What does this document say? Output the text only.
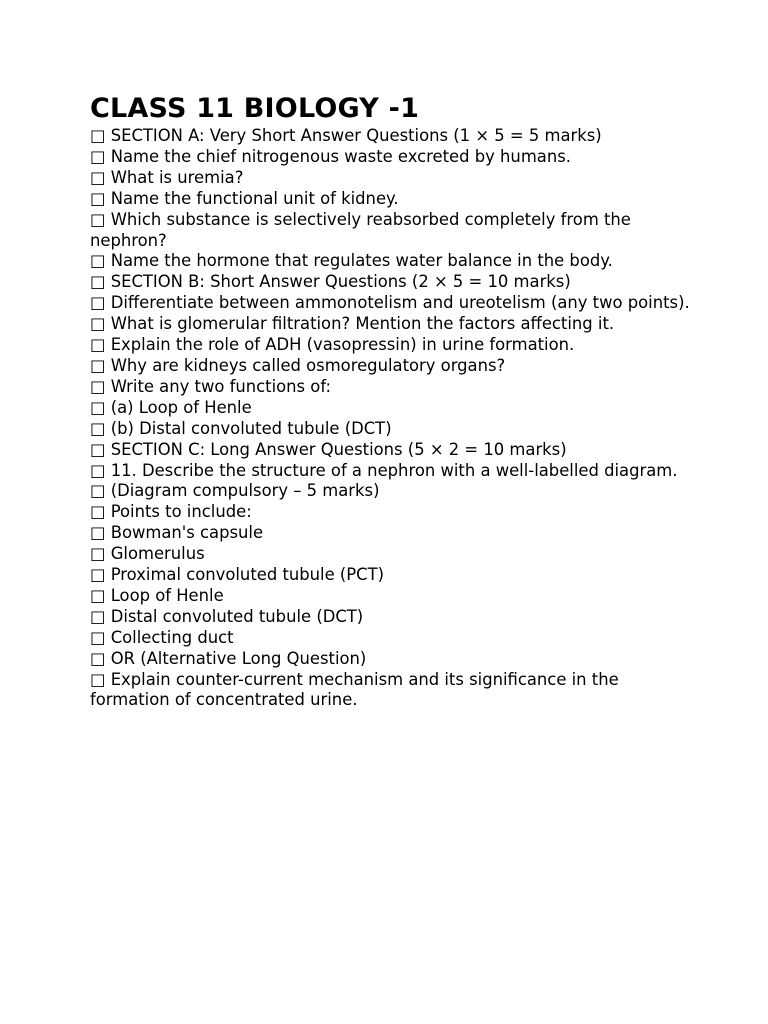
CLASS 11 BIOLOGY -1
□ SECTION A: Very Short Answer Questions (1 × 5 = 5 marks)
□ Name the chief nitrogenous waste excreted by humans.
□ What is uremia?
□ Name the functional unit of kidney.
□ Which substance is selectively reabsorbed completely from the nephron?
□ Name the hormone that regulates water balance in the body.
□ SECTION B: Short Answer Questions (2 × 5 = 10 marks)
□ Differentiate between ammonotelism and ureotelism (any two points).
□ What is glomerular filtration? Mention the factors affecting it.
□ Explain the role of ADH (vasopressin) in urine formation.
□ Why are kidneys called osmoregulatory organs?
□ Write any two functions of:
□ (a) Loop of Henle
□ (b) Distal convoluted tubule (DCT)
□ SECTION C: Long Answer Questions (5 × 2 = 10 marks)
□ 11. Describe the structure of a nephron with a well-labelled diagram.
□ (Diagram compulsory – 5 marks)
□ Points to include:
□ Bowman's capsule
□ Glomerulus
□ Proximal convoluted tubule (PCT)
□ Loop of Henle
□ Distal convoluted tubule (DCT)
□ Collecting duct
□ OR (Alternative Long Question)
□ Explain counter-current mechanism and its significance in the formation of concentrated urine.
